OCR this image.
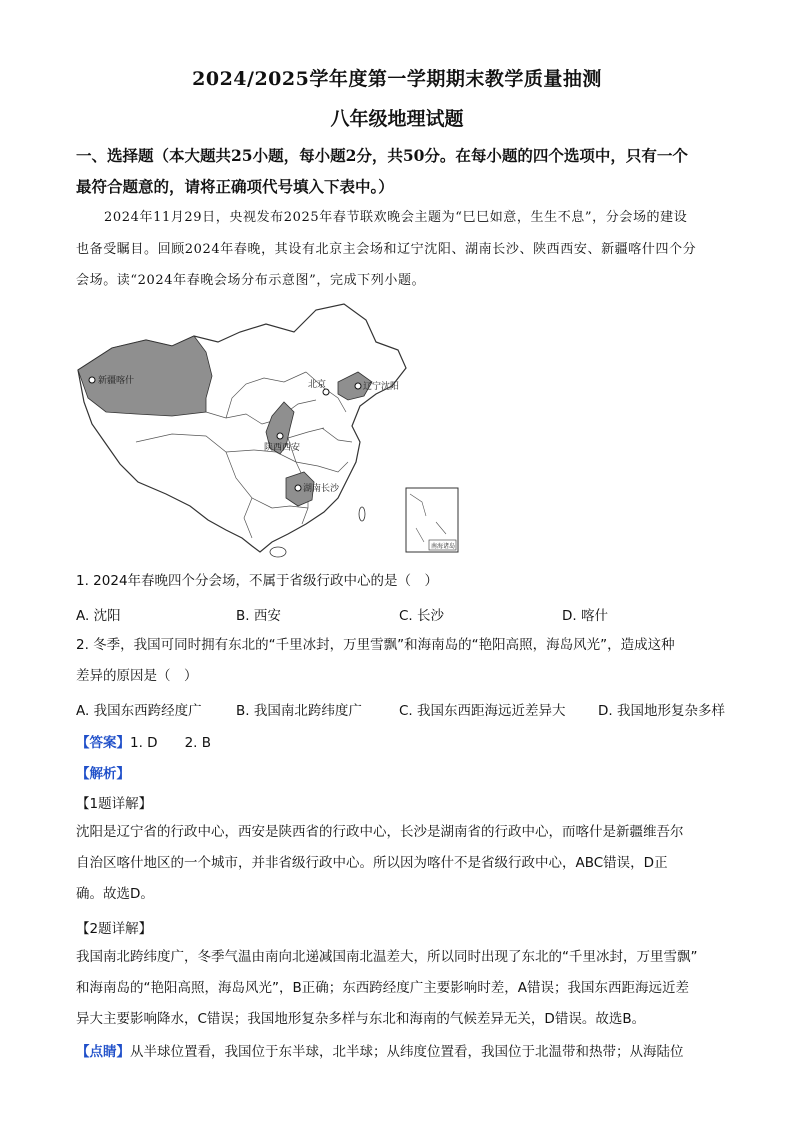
2024/2025学年度第一学期期末教学质量抽测
八年级地理试题
一、选择题（本大题共25小题，每小题2分，共50分。在每小题的四个选项中，只有一个
最符合题意的，请将正确项代号填入下表中。）
2024年11月29日，央视发布2025年春节联欢晚会主题为“巳巳如意，生生不息”，分会场的建设
也备受瞩目。回顾2024年春晚，其设有北京主会场和辽宁沈阳、湖南长沙、陕西西安、新疆喀什四个分
会场。读“2024年春晚会场分布示意图”，完成下列小题。
新疆喀什	北京	辽宁沈阳
陕西西安
湖南长沙
南海诸岛
1. 2024年春晚四个分会场，不属于省级行政中心的是（　）
A. 沈阳	B. 西安	C. 长沙	D. 喀什
2. 冬季，我国可同时拥有东北的“千里冰封，万里雪飘”和海南岛的“艳阳高照，海岛风光”，造成这种
差异的原因是（　）
A. 我国东西跨经度广	B. 我国南北跨纬度广	C. 我国东西距海远近差异大 D. 我国地形复杂多样
【答案】1. D　　2. B
【解析】
【1题详解】
沈阳是辽宁省的行政中心，西安是陕西省的行政中心，长沙是湖南省的行政中心，而喀什是新疆维吾尔
自治区喀什地区的一个城市，并非省级行政中心。所以因为喀什不是省级行政中心，ABC错误，D正
确。故选D。
【2题详解】
我国南北跨纬度广，冬季气温由南向北递减国南北温差大，所以同时出现了东北的“千里冰封，万里雪飘”
和海南岛的“艳阳高照，海岛风光”，B正确；东西跨经度广主要影响时差，A错误；我国东西距海远近差
异大主要影响降水，C错误；我国地形复杂多样与东北和海南的气候差异无关，D错误。故选B。
【点睛】从半球位置看，我国位于东半球，北半球；从纬度位置看，我国位于北温带和热带；从海陆位
